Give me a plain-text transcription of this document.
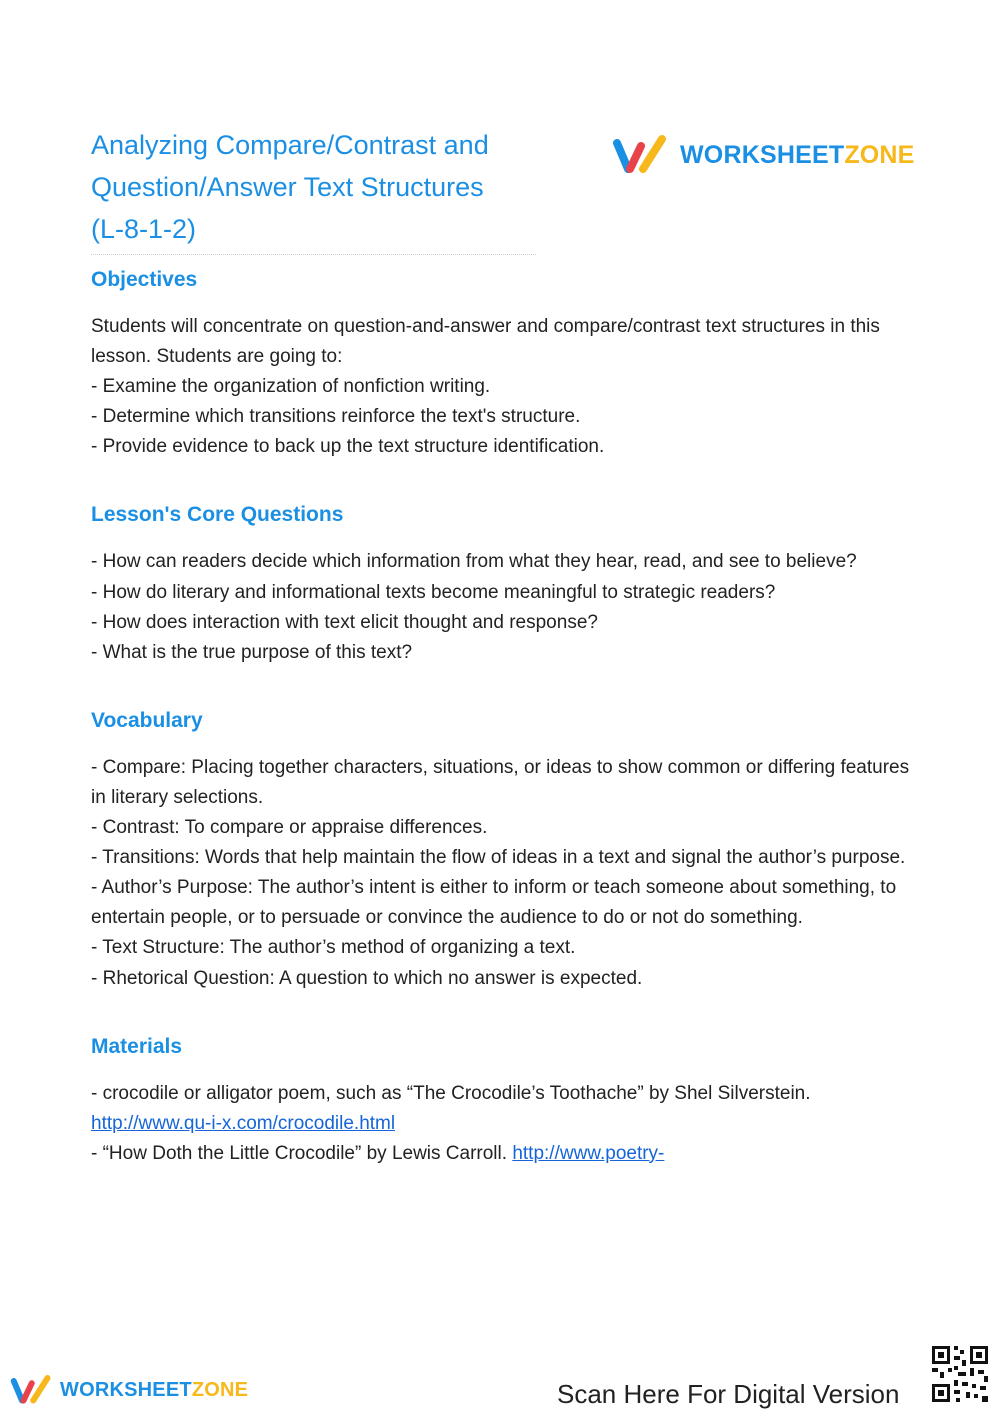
Analyzing Compare/Contrast and
Question/Answer Text Structures
(L-8-1-2)
WORKSHEETZONE
Objectives
Students will concentrate on question-and-answer and compare/contrast text structures in this lesson. Students are going to:
- Examine the organization of nonfiction writing.
- Determine which transitions reinforce the text's structure.
- Provide evidence to back up the text structure identification.
Lesson's Core Questions
- How can readers decide which information from what they hear, read, and see to believe?
- How do literary and informational texts become meaningful to strategic readers?
- How does interaction with text elicit thought and response?
- What is the true purpose of this text?
Vocabulary
- Compare: Placing together characters, situations, or ideas to show common or differing features in literary selections.
- Contrast: To compare or appraise differences.
- Transitions: Words that help maintain the flow of ideas in a text and signal the author’s purpose.
- Author’s Purpose: The author’s intent is either to inform or teach someone about something, to entertain people, or to persuade or convince the audience to do or not do something.
- Text Structure: The author’s method of organizing a text.
- Rhetorical Question: A question to which no answer is expected.
Materials
- crocodile or alligator poem, such as “The Crocodile’s Toothache” by Shel Silverstein. http://www.qu-i-x.com/crocodile.html
- “How Doth the Little Crocodile” by Lewis Carroll. http://www.poetry-
WORKSHEETZONE	Scan Here For Digital Version
